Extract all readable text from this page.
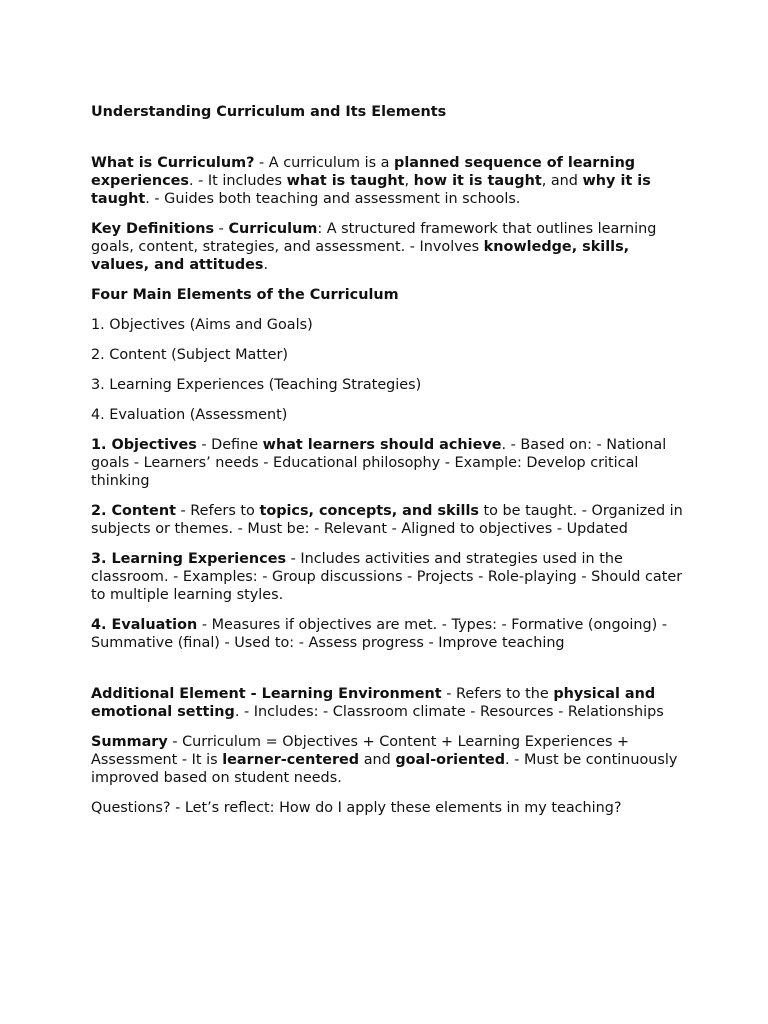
Understanding Curriculum and Its Elements

What is Curriculum? - A curriculum is a planned sequence of learning experiences. - It includes what is taught, how it is taught, and why it is taught. - Guides both teaching and assessment in schools.

Key Definitions - Curriculum: A structured framework that outlines learning goals, content, strategies, and assessment. - Involves knowledge, skills, values, and attitudes.

Four Main Elements of the Curriculum

1. Objectives (Aims and Goals)

2. Content (Subject Matter)

3. Learning Experiences (Teaching Strategies)

4. Evaluation (Assessment)

1. Objectives - Define what learners should achieve. - Based on: - National goals - Learners’ needs - Educational philosophy - Example: Develop critical thinking

2. Content - Refers to topics, concepts, and skills to be taught. - Organized in subjects or themes. - Must be: - Relevant - Aligned to objectives - Updated

3. Learning Experiences - Includes activities and strategies used in the classroom. - Examples: - Group discussions - Projects - Role-playing - Should cater to multiple learning styles.

4. Evaluation - Measures if objectives are met. - Types: - Formative (ongoing) - Summative (final) - Used to: - Assess progress - Improve teaching

Additional Element - Learning Environment - Refers to the physical and emotional setting. - Includes: - Classroom climate - Resources - Relationships

Summary - Curriculum = Objectives + Content + Learning Experiences + Assessment - It is learner-centered and goal-oriented. - Must be continuously improved based on student needs.

Questions? - Let’s reflect: How do I apply these elements in my teaching?
